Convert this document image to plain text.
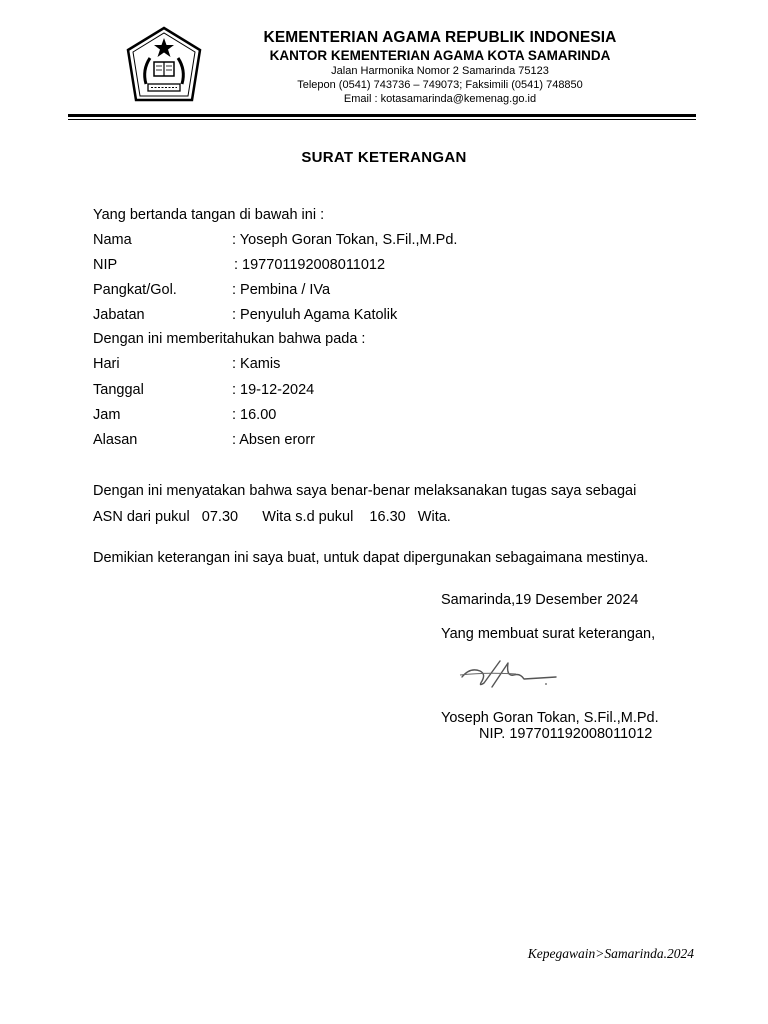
KEMENTERIAN AGAMA REPUBLIK INDONESIA
KANTOR KEMENTERIAN AGAMA KOTA SAMARINDA
Jalan Harmonika Nomor 2 Samarinda 75123
Telepon (0541) 743736 – 749073; Faksimili (0541) 748850
Email : kotasamarinda@kemenag.go.id
SURAT KETERANGAN
Yang bertanda tangan di bawah ini :
Nama	: Yoseph Goran Tokan, S.Fil.,M.Pd.
NIP	: 197701192008011012
Pangkat/Gol.	: Pembina / IVa
Jabatan	: Penyuluh Agama Katolik
Dengan ini memberitahukan bahwa pada :
Hari	: Kamis
Tanggal	: 19-12-2024
Jam	: 16.00
Alasan	: Absen erorr
Dengan ini menyatakan bahwa saya benar-benar melaksanakan tugas saya sebagai
ASN dari pukul   07.30      Wita s.d pukul    16.30   Wita.
Demikian keterangan ini saya buat, untuk dapat dipergunakan sebagaimana mestinya.
Samarinda,19 Desember 2024
Yang membuat surat keterangan,
Yoseph Goran Tokan, S.Fil.,M.Pd.
NIP. 197701192008011012
Kepegawain>Samarinda.2024
